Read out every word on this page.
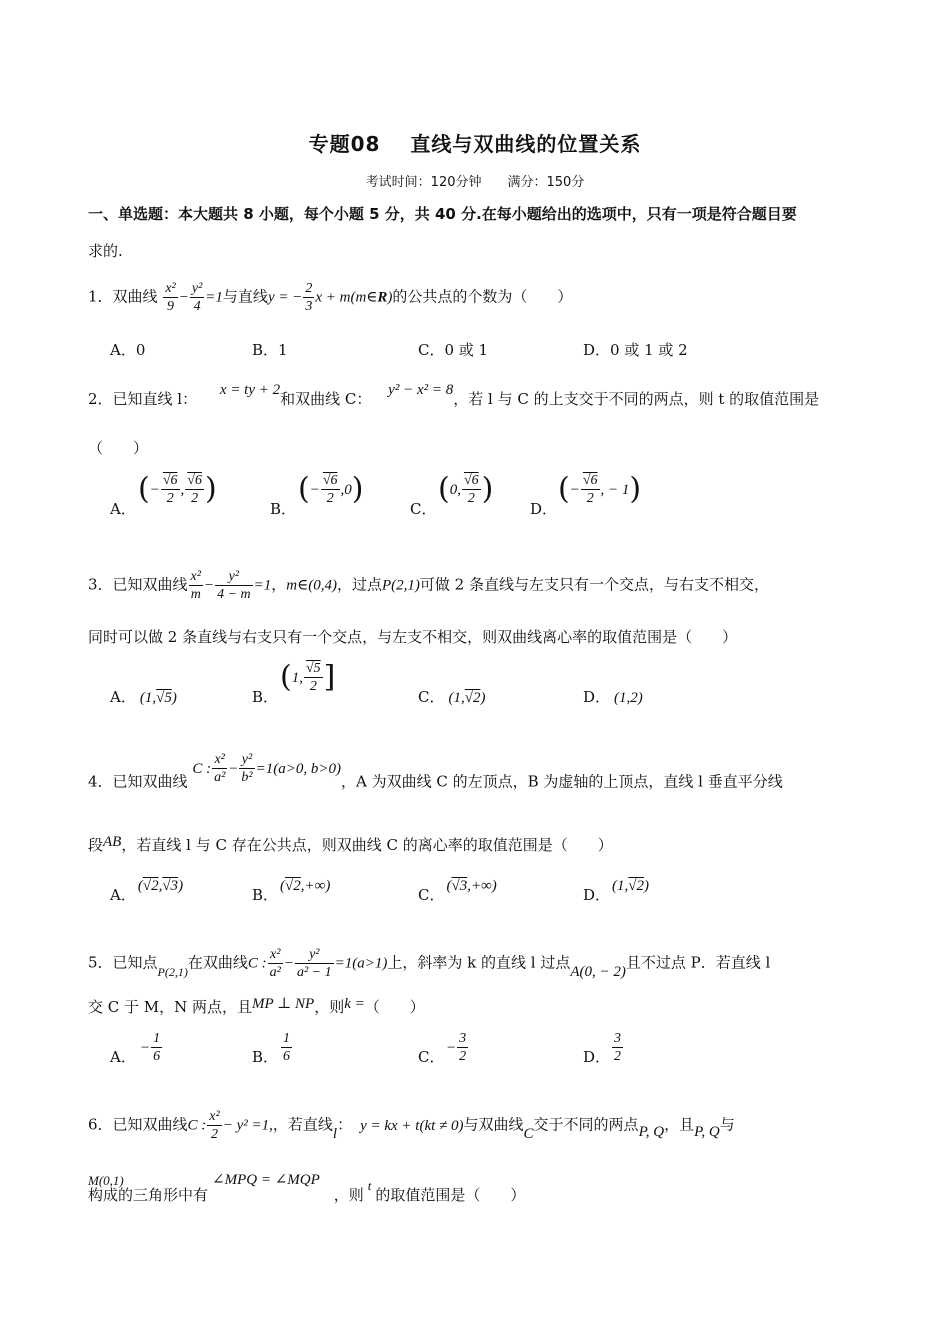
专题08 直线与双曲线的位置关系
考试时间：120分钟 满分：150分
一、单选题：本大题共 8 小题，每个小题 5 分，共 40 分.在每小题给出的选项中，只有一项是符合题目要
求的.
1．双曲线 $\frac{\text{x²}}{9} - \frac{\text{y²}}{4} =1$与直线y = − $\frac{2}{3}$ x + m(m∈R)的公共点的个数为（　　）
A．0	B．1	C．0 或 1	D．0 或 1 或 2
2．已知直线 l： x = ty + 2和双曲线 C： y² − x² = 8，若 l 与 C 的上支交于不同的两点，则 t 的取值范围是
（　　）
A．
(− $\frac{√6}{2}$ , $\frac{√6}{2}$ )
B．
(− $\frac{√6}{2} ,0$)
C．
(0, $\frac{√6}{2}$ )
D．
(− $\frac{√6}{2}$ , − 1)
3．已知双曲线 $\frac{\text{x²}}{m} - \frac{\text{y²}}{4 - m} =1$，m∈(0,4)，过点P(2,1)可做 2 条直线与左支只有一个交点，与右支不相交，
同时可以做 2 条直线与右支只有一个交点，与左支不相交，则双曲线离心率的取值范围是（　　）
A． (1,√5)	B．
(1, $\frac{√5}{2}$ ]
C． (1,√2)	D． (1,2)
4．已知双曲线 C : $\frac{\text{x²}}{\text{a²}} - \frac{\text{y²}}{\text{b²}} =1(a>0$, b>0)，A 为双曲线 C 的左顶点，B 为虚轴的上顶点，直线 l 垂直平分线
段AB，若直线 l 与 C 存在公共点，则双曲线 C 的离心率的取值范围是（　　）
A． (√2,√3)	B． (√2,+∞)	C． (√3,+∞)	D． (1,√2)
5．已知点$_{P(2,1)}$在双曲线C : $\frac{\text{x²}}{\text{a²}} - \frac{\text{y²}}{\text{a² − 1}} =1(a>1)$上，斜率为 k 的直线 l 过点A(0, − 2)且不过点 P．若直线 l
交 C 于 M，N 两点，且MP ⊥ NP，则k =（　　）
A． − $\frac{1}{6}$	B． $\frac{1}{6}$	C． − $\frac{3}{2}$	D． $\frac{3}{2}$
6．已知双曲线C : $\frac{\text{x²}}{2} - y^2 =1$,，若直线l： y = kx + t(kt ≠ 0)与双曲线C交于不同的两点P, Q，且P, Q与
M(0,1)
构成的三角形中有∠MPQ = ∠MQP，则t的取值范围是（　　）
